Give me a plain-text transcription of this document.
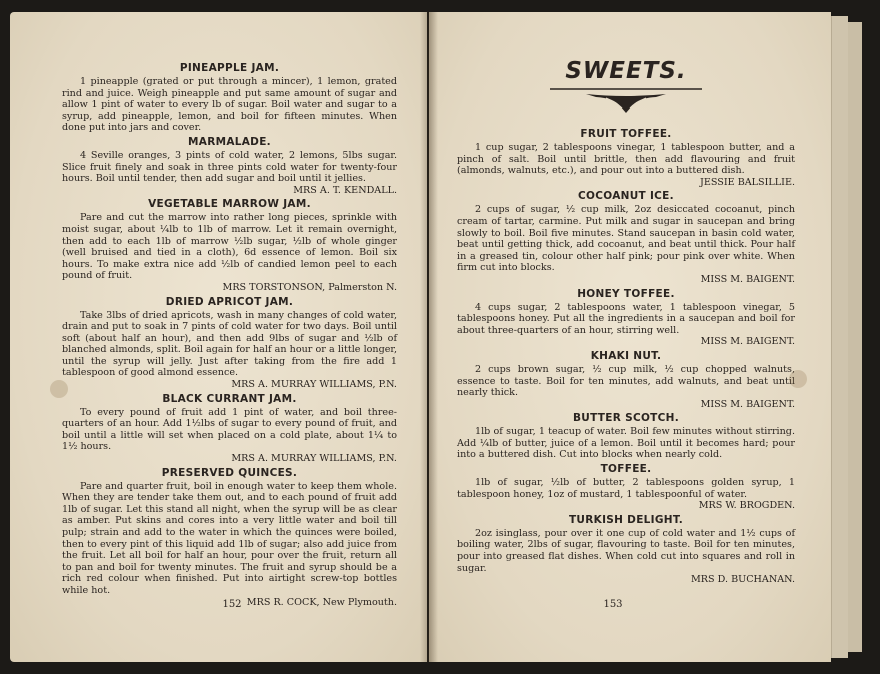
PINEAPPLE JAM.

1 pineapple (grated or put through a mincer), 1 lemon, grated rind and juice. Weigh pineapple and put same amount of sugar and allow 1 pint of water to every lb of sugar. Boil water and sugar to a syrup, add pineapple, lemon, and boil for fifteen minutes. When done put into jars and cover.

MARMALADE.

4 Seville oranges, 3 pints of cold water, 2 lemons, 5lbs sugar. Slice fruit finely and soak in three pints cold water for twenty-four hours. Boil until tender, then add sugar and boil until it jellies.

MRS A. T. KENDALL.

VEGETABLE MARROW JAM.

Pare and cut the marrow into rather long pieces, sprinkle with moist sugar, about ¼lb to 1lb of marrow. Let it remain overnight, then add to each 1lb of marrow ½lb sugar, ½lb of whole ginger (well bruised and tied in a cloth), 6d essence of lemon. Boil six hours. To make extra nice add ½lb of candied lemon peel to each pound of fruit.

MRS TORSTONSON, Palmerston N.

DRIED APRICOT JAM.

Take 3lbs of dried apricots, wash in many changes of cold water, drain and put to soak in 7 pints of cold water for two days. Boil until soft (about half an hour), and then add 9lbs of sugar and ½lb of blanched almonds, split. Boil again for half an hour or a little longer, until the syrup will jelly. Just after taking from the fire add 1 tablespoon of good almond essence.

MRS A. MURRAY WILLIAMS, P.N.

BLACK CURRANT JAM.

To every pound of fruit add 1 pint of water, and boil three-quarters of an hour. Add 1½lbs of sugar to every pound of fruit, and boil until a little will set when placed on a cold plate, about 1¼ to 1½ hours.

MRS A. MURRAY WILLIAMS, P.N.

PRESERVED QUINCES.

Pare and quarter fruit, boil in enough water to keep them whole. When they are tender take them out, and to each pound of fruit add 1lb of sugar. Let this stand all night, when the syrup will be as clear as amber. Put skins and cores into a very little water and boil till pulp; strain and add to the water in which the quinces were boiled, then to every pint of this liquid add 1lb of sugar; also add juice from the fruit. Let all boil for half an hour, pour over the fruit, return all to pan and boil for twenty minutes. The fruit and syrup should be a rich red colour when finished. Put into airtight screw-top bottles while hot.

MRS R. COCK, New Plymouth.

152

SWEETS.

FRUIT TOFFEE.

1 cup sugar, 2 tablespoons vinegar, 1 tablespoon butter, and a pinch of salt. Boil until brittle, then add flavouring and fruit (almonds, walnuts, etc.), and pour out into a buttered dish.

JESSIE BALSILLIE.

COCOANUT ICE.

2 cups of sugar, ½ cup milk, 2oz desiccated cocoanut, pinch cream of tartar, carmine. Put milk and sugar in saucepan and bring slowly to boil. Boil five minutes. Stand saucepan in basin cold water, beat until getting thick, add cocoanut, and beat until thick. Pour half in a greased tin, colour other half pink; pour pink over white. When firm cut into blocks.

MISS M. BAIGENT.

HONEY TOFFEE.

4 cups sugar, 2 tablespoons water, 1 tablespoon vinegar, 5 tablespoons honey. Put all the ingredients in a saucepan and boil for about three-quarters of an hour, stirring well.

MISS M. BAIGENT.

KHAKI NUT.

2 cups brown sugar, ½ cup milk, ½ cup chopped walnuts, essence to taste. Boil for ten minutes, add walnuts, and beat until nearly thick.

MISS M. BAIGENT.

BUTTER SCOTCH.

1lb of sugar, 1 teacup of water. Boil few minutes without stirring. Add ¼lb of butter, juice of a lemon. Boil until it becomes hard; pour into a buttered dish. Cut into blocks when nearly cold.

TOFFEE.

1lb of sugar, ½lb of butter, 2 tablespoons golden syrup, 1 tablespoon honey, 1oz of mustard, 1 tablespoonful of water.

MRS W. BROGDEN.

TURKISH DELIGHT.

2oz isinglass, pour over it one cup of cold water and 1½ cups of boiling water, 2lbs of sugar, flavouring to taste. Boil for ten minutes, pour into greased flat dishes. When cold cut into squares and roll in sugar.

MRS D. BUCHANAN.

153
